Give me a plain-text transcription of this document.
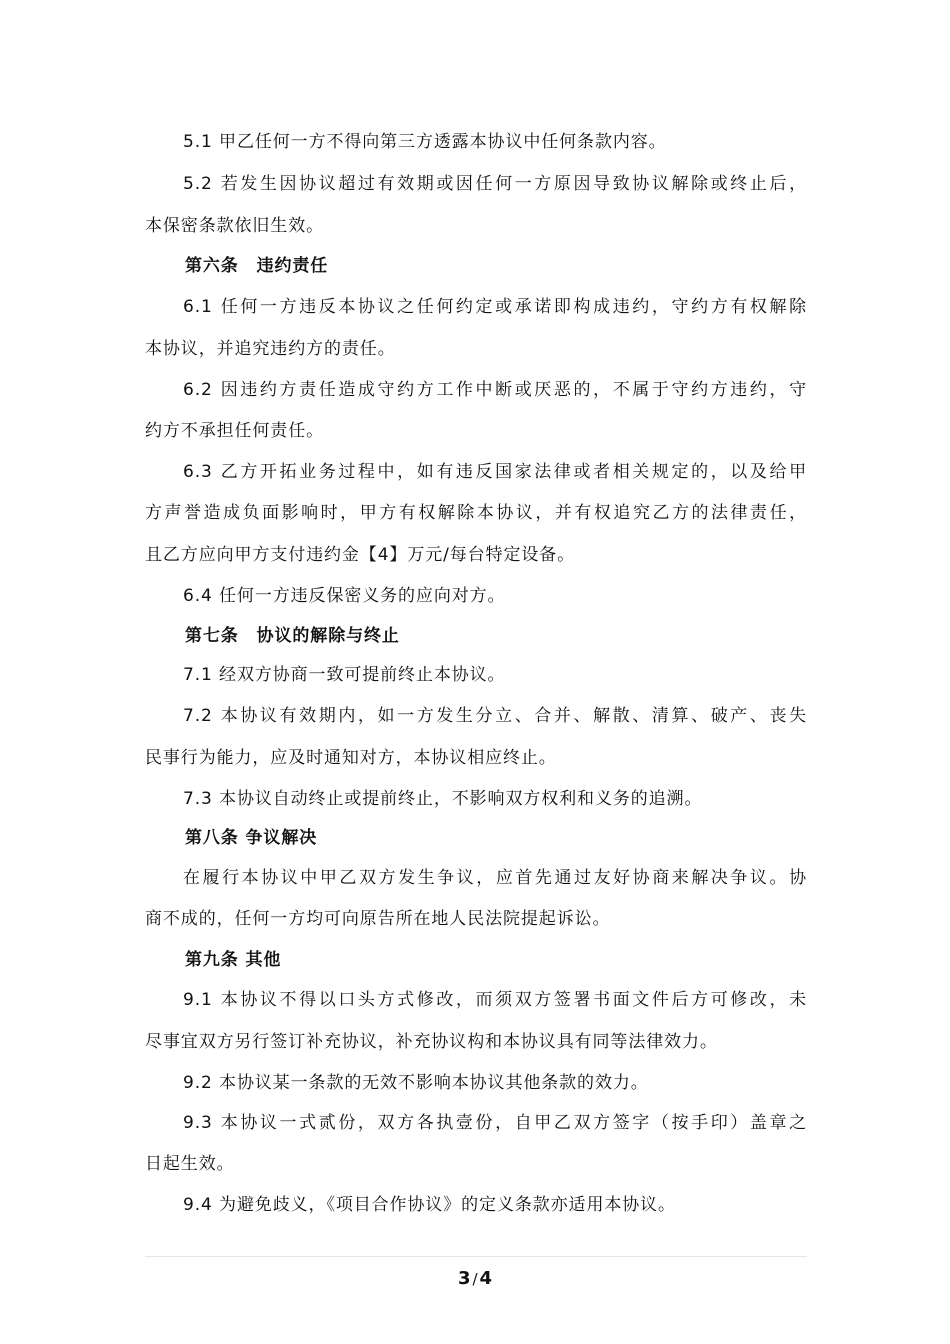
5.1 甲乙任何一方不得向第三方透露本协议中任何条款内容。
5.2 若发生因协议超过有效期或因任何一方原因导致协议解除或终止后，
本保密条款依旧生效。
第六条　违约责任
6.1 任何一方违反本协议之任何约定或承诺即构成违约，守约方有权解除
本协议，并追究违约方的责任。
6.2 因违约方责任造成守约方工作中断或厌恶的，不属于守约方违约，守
约方不承担任何责任。
6.3 乙方开拓业务过程中，如有违反国家法律或者相关规定的，以及给甲
方声誉造成负面影响时，甲方有权解除本协议，并有权追究乙方的法律责任，
且乙方应向甲方支付违约金【4】万元/每台特定设备。
6.4 任何一方违反保密义务的应向对方。
第七条　协议的解除与终止
7.1 经双方协商一致可提前终止本协议。
7.2 本协议有效期内，如一方发生分立、合并、解散、清算、破产、丧失
民事行为能力，应及时通知对方，本协议相应终止。
7.3 本协议自动终止或提前终止，不影响双方权利和义务的追溯。
第八条 争议解决
在履行本协议中甲乙双方发生争议，应首先通过友好协商来解决争议。协
商不成的，任何一方均可向原告所在地人民法院提起诉讼。
第九条 其他
9.1 本协议不得以口头方式修改，而须双方签署书面文件后方可修改，未
尽事宜双方另行签订补充协议，补充协议构和本协议具有同等法律效力。
9.2 本协议某一条款的无效不影响本协议其他条款的效力。
9.3 本协议一式贰份，双方各执壹份，自甲乙双方签字（按手印）盖章之
日起生效。
9.4 为避免歧义，《项目合作协议》的定义条款亦适用本协议。
3 / 4
